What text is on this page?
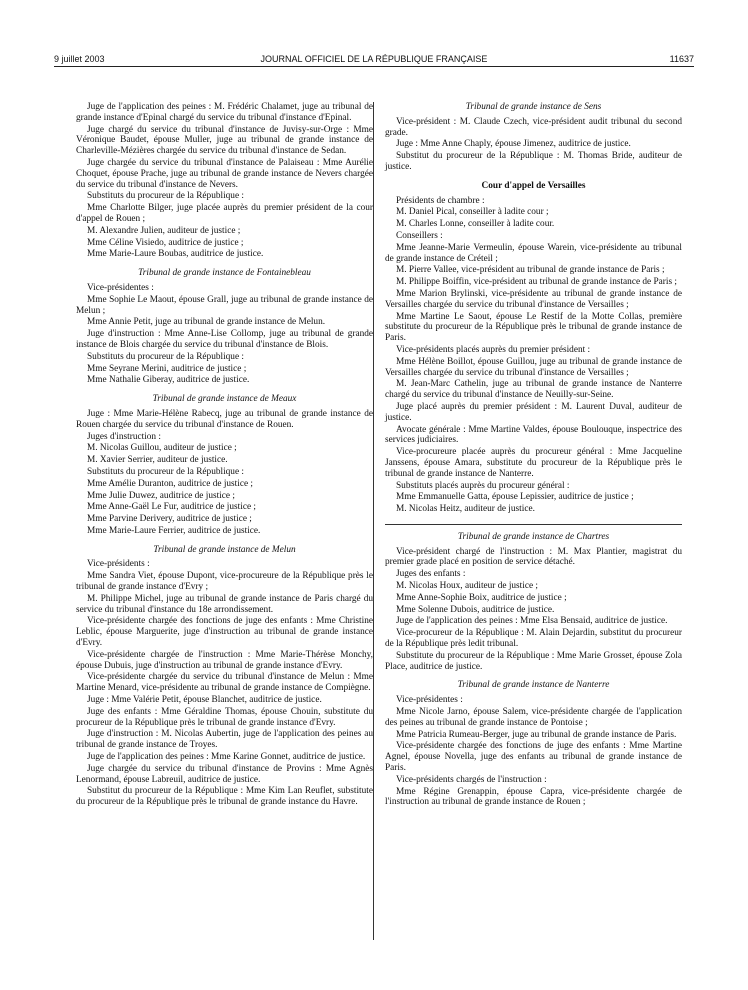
9 juillet 2003	JOURNAL OFFICIEL DE LA RÉPUBLIQUE FRANÇAISE	11637

Juge de l'application des peines : M. Frédéric Chalamet, juge au tribunal de grande instance d'Epinal chargé du service du tribunal d'instance d'Epinal.

Juge chargé du service du tribunal d'instance de Juvisy-sur-Orge : Mme Véronique Baudet, épouse Muller, juge au tribunal de grande instance de Charleville-Mézières chargée du service du tribunal d'instance de Sedan.

Juge chargée du service du tribunal d'instance de Palaiseau : Mme Aurélie Choquet, épouse Prache, juge au tribunal de grande instance de Nevers chargée du service du tribunal d'instance de Nevers.

Substituts du procureur de la République :

Mme Charlotte Bilger, juge placée auprès du premier président de la cour d'appel de Rouen ;

M. Alexandre Julien, auditeur de justice ;

Mme Céline Visiedo, auditrice de justice ;

Mme Marie-Laure Boubas, auditrice de justice.

Tribunal de grande instance de Fontainebleau

Vice-présidentes :

Mme Sophie Le Maout, épouse Grall, juge au tribunal de grande instance de Melun ;

Mme Annie Petit, juge au tribunal de grande instance de Melun.

Juge d'instruction : Mme Anne-Lise Collomp, juge au tribunal de grande instance de Blois chargée du service du tribunal d'instance de Blois.

Substituts du procureur de la République :

Mme Seyrane Merini, auditrice de justice ;

Mme Nathalie Giberay, auditrice de justice.

Tribunal de grande instance de Meaux

Juge : Mme Marie-Hélène Rabecq, juge au tribunal de grande instance de Rouen chargée du service du tribunal d'instance de Rouen.

Juges d'instruction :

M. Nicolas Guillou, auditeur de justice ;

M. Xavier Serrier, auditeur de justice.

Substituts du procureur de la République :

Mme Amélie Duranton, auditrice de justice ;

Mme Julie Duwez, auditrice de justice ;

Mme Anne-Gaël Le Fur, auditrice de justice ;

Mme Parvine Derivery, auditrice de justice ;

Mme Marie-Laure Ferrier, auditrice de justice.

Tribunal de grande instance de Melun

Vice-présidents :

Mme Sandra Viet, épouse Dupont, vice-procureure de la République près le tribunal de grande instance d'Evry ;

M. Philippe Michel, juge au tribunal de grande instance de Paris chargé du service du tribunal d'instance du 18e arrondissement.

Vice-présidente chargée des fonctions de juge des enfants : Mme Christine Leblic, épouse Marguerite, juge d'instruction au tribunal de grande instance d'Evry.

Vice-présidente chargée de l'instruction : Mme Marie-Thérèse Monchy, épouse Dubuis, juge d'instruction au tribunal de grande instance d'Evry.

Vice-présidente chargée du service du tribunal d'instance de Melun : Mme Martine Menard, vice-présidente au tribunal de grande instance de Compiègne.

Juge : Mme Valérie Petit, épouse Blanchet, auditrice de justice.

Juge des enfants : Mme Géraldine Thomas, épouse Chouin, substitute du procureur de la République près le tribunal de grande instance d'Evry.

Juge d'instruction : M. Nicolas Aubertin, juge de l'application des peines au tribunal de grande instance de Troyes.

Juge de l'application des peines : Mme Karine Gonnet, auditrice de justice.

Juge chargée du service du tribunal d'instance de Provins : Mme Agnès Lenormand, épouse Labreuil, auditrice de justice.

Substitut du procureur de la République : Mme Kim Lan Reuflet, substitute du procureur de la République près le tribunal de grande instance du Havre.

Tribunal de grande instance de Sens

Vice-président : M. Claude Czech, vice-président audit tribunal du second grade.

Juge : Mme Anne Chaply, épouse Jimenez, auditrice de justice.

Substitut du procureur de la République : M. Thomas Bride, auditeur de justice.

Cour d'appel de Versailles

Présidents de chambre :

M. Daniel Pical, conseiller à ladite cour ;

M. Charles Lonne, conseiller à ladite cour.

Conseillers :

Mme Jeanne-Marie Vermeulin, épouse Warein, vice-présidente au tribunal de grande instance de Créteil ;

M. Pierre Vallee, vice-président au tribunal de grande instance de Paris ;

M. Philippe Boiffin, vice-président au tribunal de grande instance de Paris ;

Mme Marion Brylinski, vice-présidente au tribunal de grande instance de Versailles chargée du service du tribunal d'instance de Versailles ;

Mme Martine Le Saout, épouse Le Restif de la Motte Collas, première substitute du procureur de la République près le tribunal de grande instance de Paris.

Vice-présidents placés auprès du premier président :

Mme Hélène Boillot, épouse Guillou, juge au tribunal de grande instance de Versailles chargée du service du tribunal d'instance de Versailles ;

M. Jean-Marc Cathelin, juge au tribunal de grande instance de Nanterre chargé du service du tribunal d'instance de Neuilly-sur-Seine.

Juge placé auprès du premier président : M. Laurent Duval, auditeur de justice.

Avocate générale : Mme Martine Valdes, épouse Boulouque, inspectrice des services judiciaires.

Vice-procureure placée auprès du procureur général : Mme Jacqueline Janssens, épouse Amara, substitute du procureur de la République près le tribunal de grande instance de Nanterre.

Substituts placés auprès du procureur général :

Mme Emmanuelle Gatta, épouse Lepissier, auditrice de justice ;

M. Nicolas Heitz, auditeur de justice.

Tribunal de grande instance de Chartres

Vice-président chargé de l'instruction : M. Max Plantier, magistrat du premier grade placé en position de service détaché.

Juges des enfants :

M. Nicolas Houx, auditeur de justice ;

Mme Anne-Sophie Boix, auditrice de justice ;

Mme Solenne Dubois, auditrice de justice.

Juge de l'application des peines : Mme Elsa Bensaid, auditrice de justice.

Vice-procureur de la République : M. Alain Dejardin, substitut du procureur de la République près ledit tribunal.

Substitute du procureur de la République : Mme Marie Grosset, épouse Zola Place, auditrice de justice.

Tribunal de grande instance de Nanterre

Vice-présidentes :

Mme Nicole Jarno, épouse Salem, vice-présidente chargée de l'application des peines au tribunal de grande instance de Pontoise ;

Mme Patricia Rumeau-Berger, juge au tribunal de grande instance de Paris.

Vice-présidente chargée des fonctions de juge des enfants : Mme Martine Agnel, épouse Novella, juge des enfants au tribunal de grande instance de Paris.

Vice-présidents chargés de l'instruction :

Mme Régine Grenappin, épouse Capra, vice-présidente chargée de l'instruction au tribunal de grande instance de Rouen ;
